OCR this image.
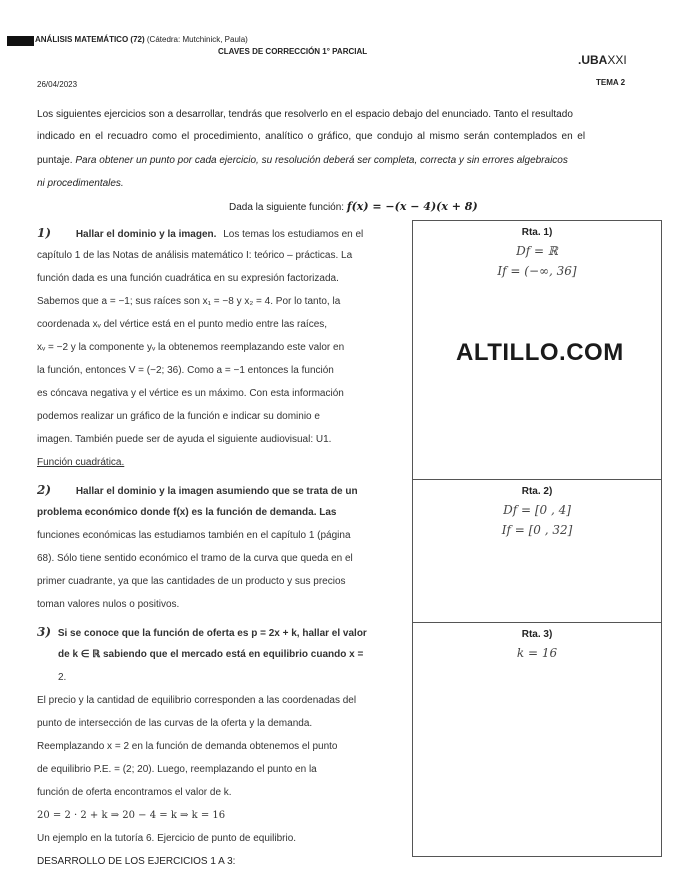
ANÁLISIS MATEMÁTICO (72) (Cátedra: Mutchinick, Paula)
CLAVES DE CORRECCIÓN 1° PARCIAL
.UBAXXI
26/04/2023	TEMA 2
Los siguientes ejercicios son a desarrollar, tendrás que resolverlo en el espacio debajo del enunciado. Tanto el resultado
indicado en el recuadro como el procedimiento, analítico o gráfico, que condujo al mismo serán contemplados en el
puntaje. Para obtener un punto por cada ejercicio, su resolución deberá ser completa, correcta y sin errores algebraicos
ni procedimentales.
Dada la siguiente función: f(x) = −(x − 4)(x + 8)
Rta. 1)
Df = ℝ
If = (−∞, 36]
ALTILLO.COM
Rta. 2)
Df = [0 , 4]
If = [0 , 32]
Rta. 3)
k = 16
1) Hallar el dominio y la imagen. Los temas los estudiamos en el
capítulo 1 de las Notas de análisis matemático I: teórico – prácticas. La
función dada es una función cuadrática en su expresión factorizada.
Sabemos que a = −1; sus raíces son x₁ = −8 y x₂ = 4. Por lo tanto, la
coordenada xᵥ del vértice está en el punto medio entre las raíces,
xᵥ = −2 y la componente yᵥ la obtenemos reemplazando este valor en
la función, entonces V = (−2; 36). Como a = −1 entonces la función
es cóncava negativa y el vértice es un máximo. Con esta información
podemos realizar un gráfico de la función e indicar su dominio e
imagen. También puede ser de ayuda el siguiente audiovisual: U1.
Función cuadrática.
2) Hallar el dominio y la imagen asumiendo que se trata de un
problema económico donde f(x) es la función de demanda. Las
funciones económicas las estudiamos también en el capítulo 1 (página
68). Sólo tiene sentido económico el tramo de la curva que queda en el
primer cuadrante, ya que las cantidades de un producto y sus precios
toman valores nulos o positivos.
3) Si se conoce que la función de oferta es p = 2x + k, hallar el valor
de k ∈ ℝ sabiendo que el mercado está en equilibrio cuando x =
2.
El precio y la cantidad de equilibrio corresponden a las coordenadas del
punto de intersección de las curvas de la oferta y la demanda.
Reemplazando x = 2 en la función de demanda obtenemos el punto
de equilibrio P.E. = (2; 20). Luego, reemplazando el punto en la
función de oferta encontramos el valor de k.
20 = 2 · 2 + k ⇒ 20 − 4 = k ⇒ k = 16
Un ejemplo en la tutoría 6. Ejercicio de punto de equilibrio.
DESARROLLO DE LOS EJERCICIOS 1 A 3:
